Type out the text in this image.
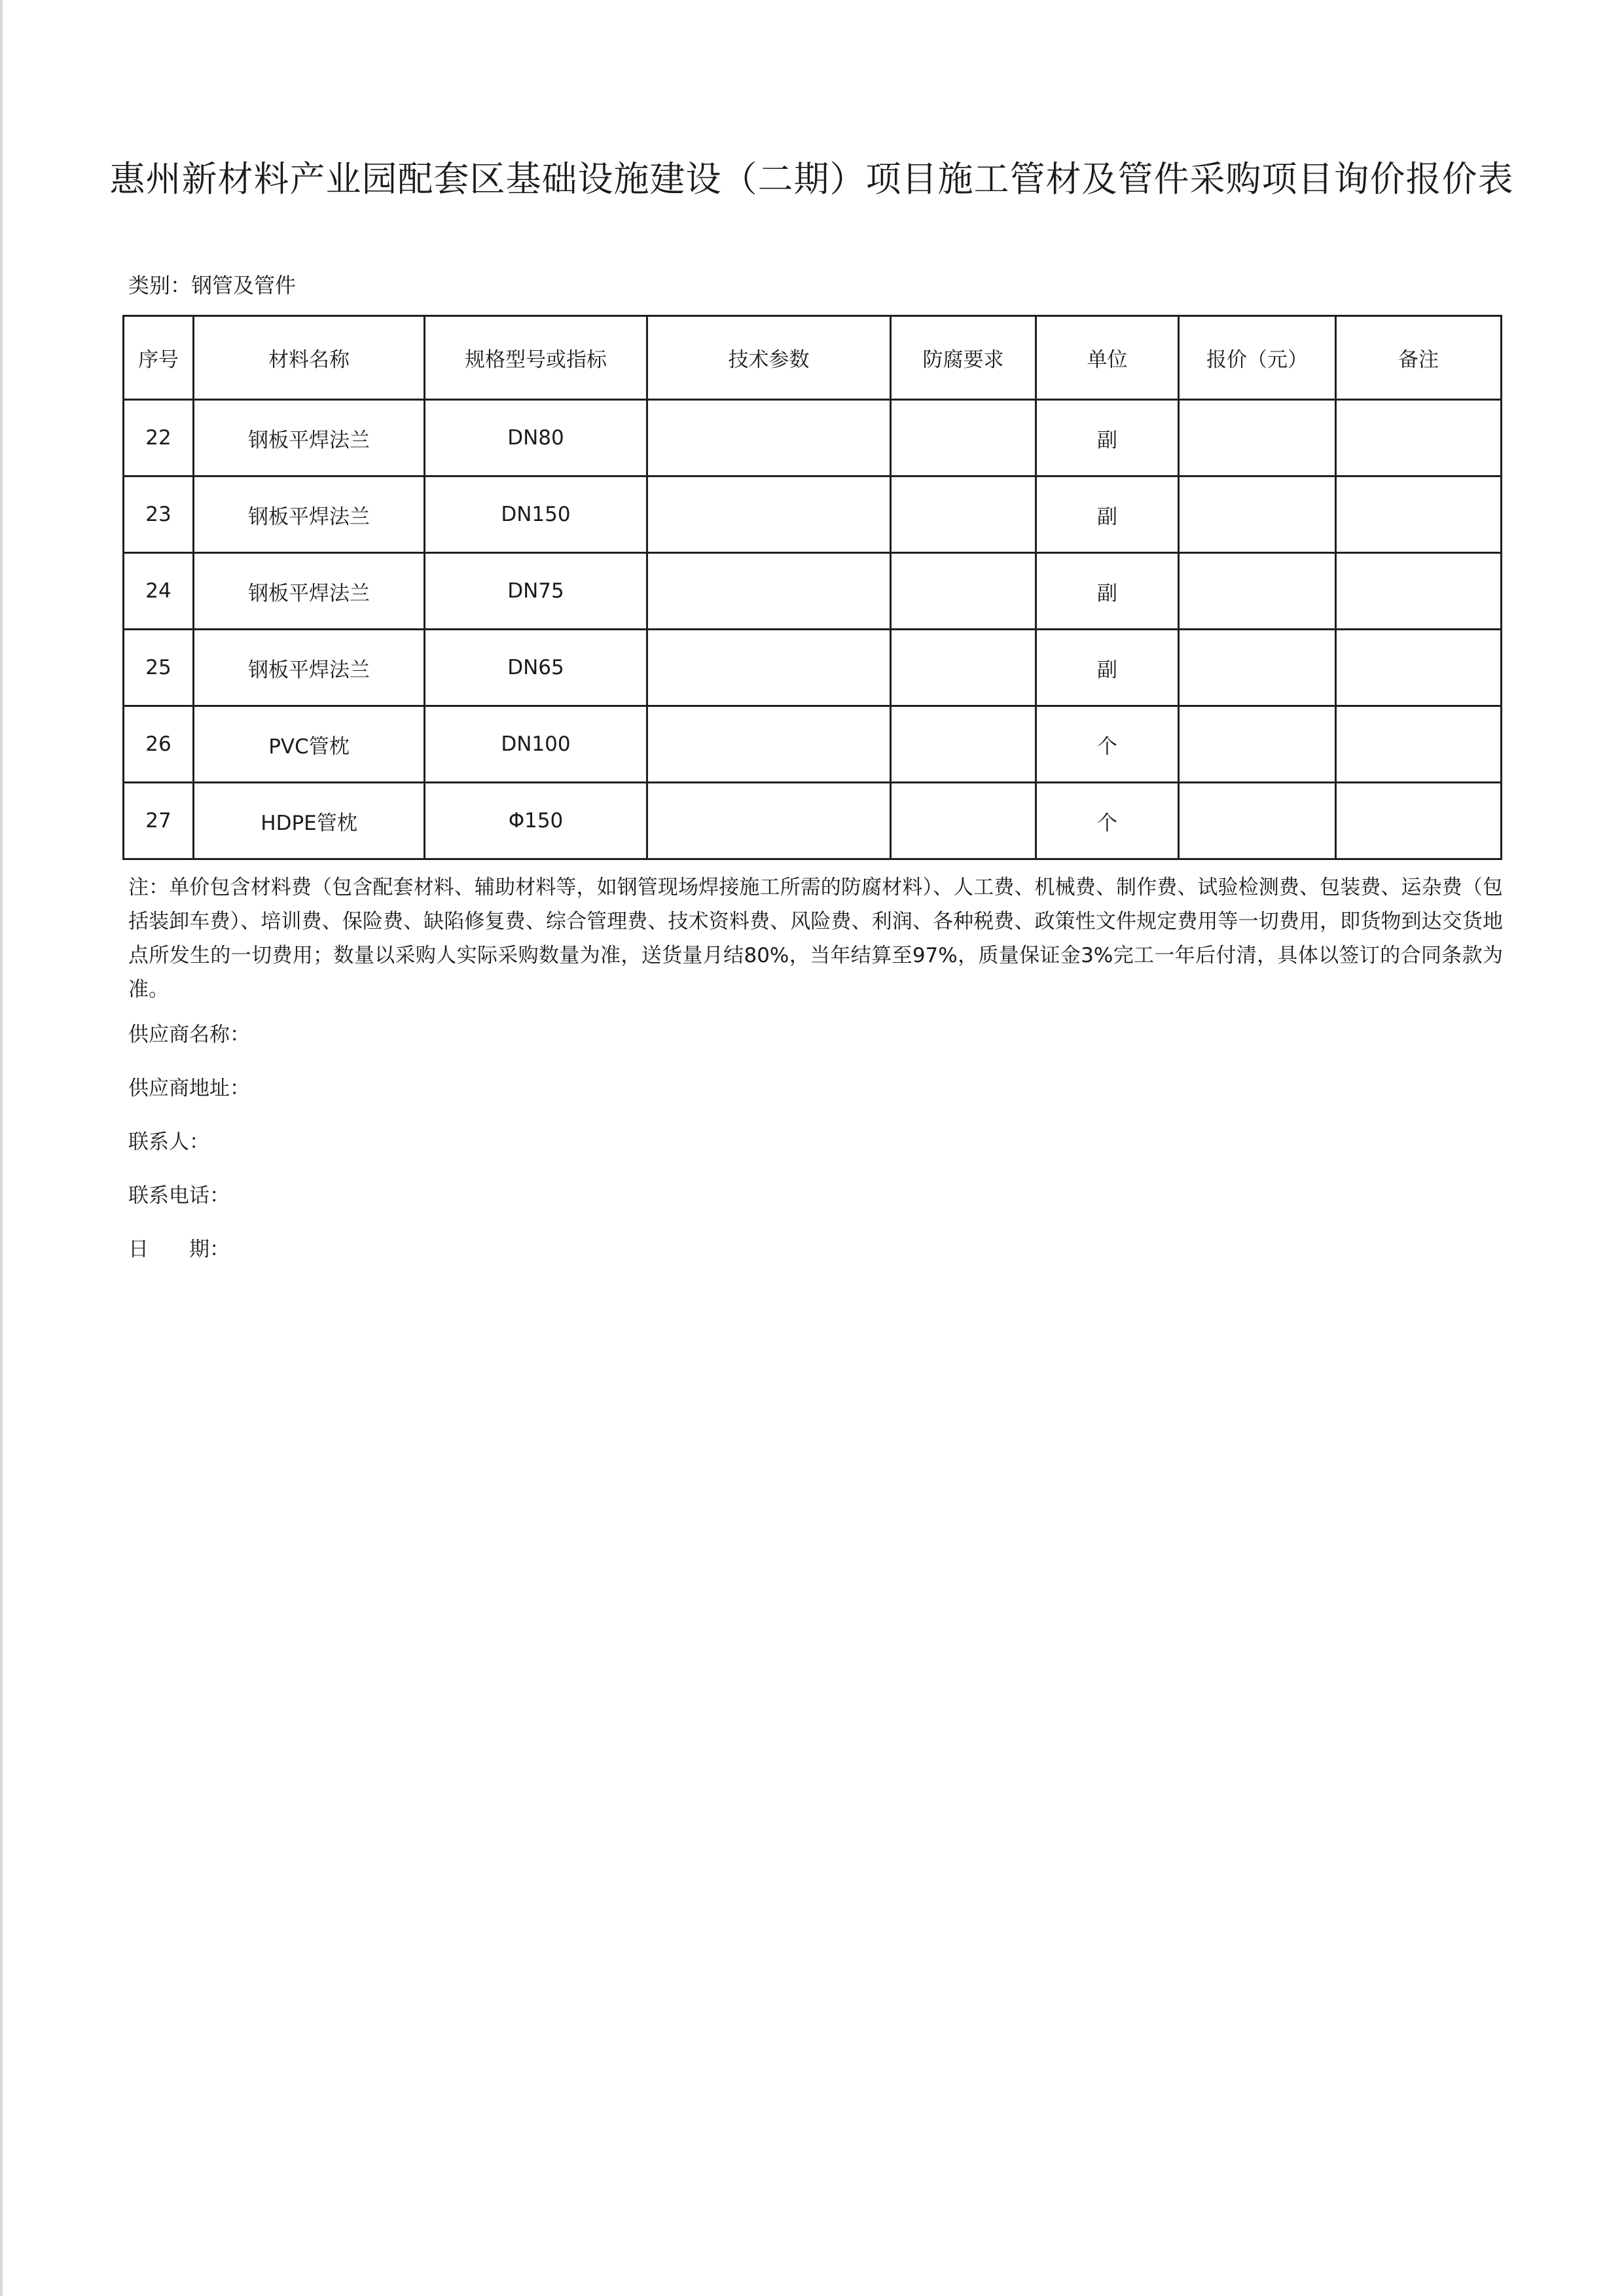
惠州新材料产业园配套区基础设施建设（二期）项目施工管材及管件采购项目询价报价表
类别：钢管及管件
序号	材料名称	规格型号或指标	技术参数	防腐要求	单位	报价（元）	备注
22	钢板平焊法兰	DN80			副		
23	钢板平焊法兰	DN150			副		
24	钢板平焊法兰	DN75			副		
25	钢板平焊法兰	DN65			副		
26	PVC管枕	DN100			个		
27	HDPE管枕	Φ150			个		
注：单价包含材料费（包含配套材料、辅助材料等，如钢管现场焊接施工所需的防腐材料）、人工费、机械费、制作费、试验检测费、包装费、运杂费（包括装卸车费）、培训费、保险费、缺陷修复费、综合管理费、技术资料费、风险费、利润、各种税费、政策性文件规定费用等一切费用，即货物到达交货地点所发生的一切费用；数量以采购人实际采购数量为准，送货量月结80%，当年结算至97%，质量保证金3%完工一年后付清，具体以签订的合同条款为准。
供应商名称：
供应商地址：
联系人：
联系电话：
日　　期：
